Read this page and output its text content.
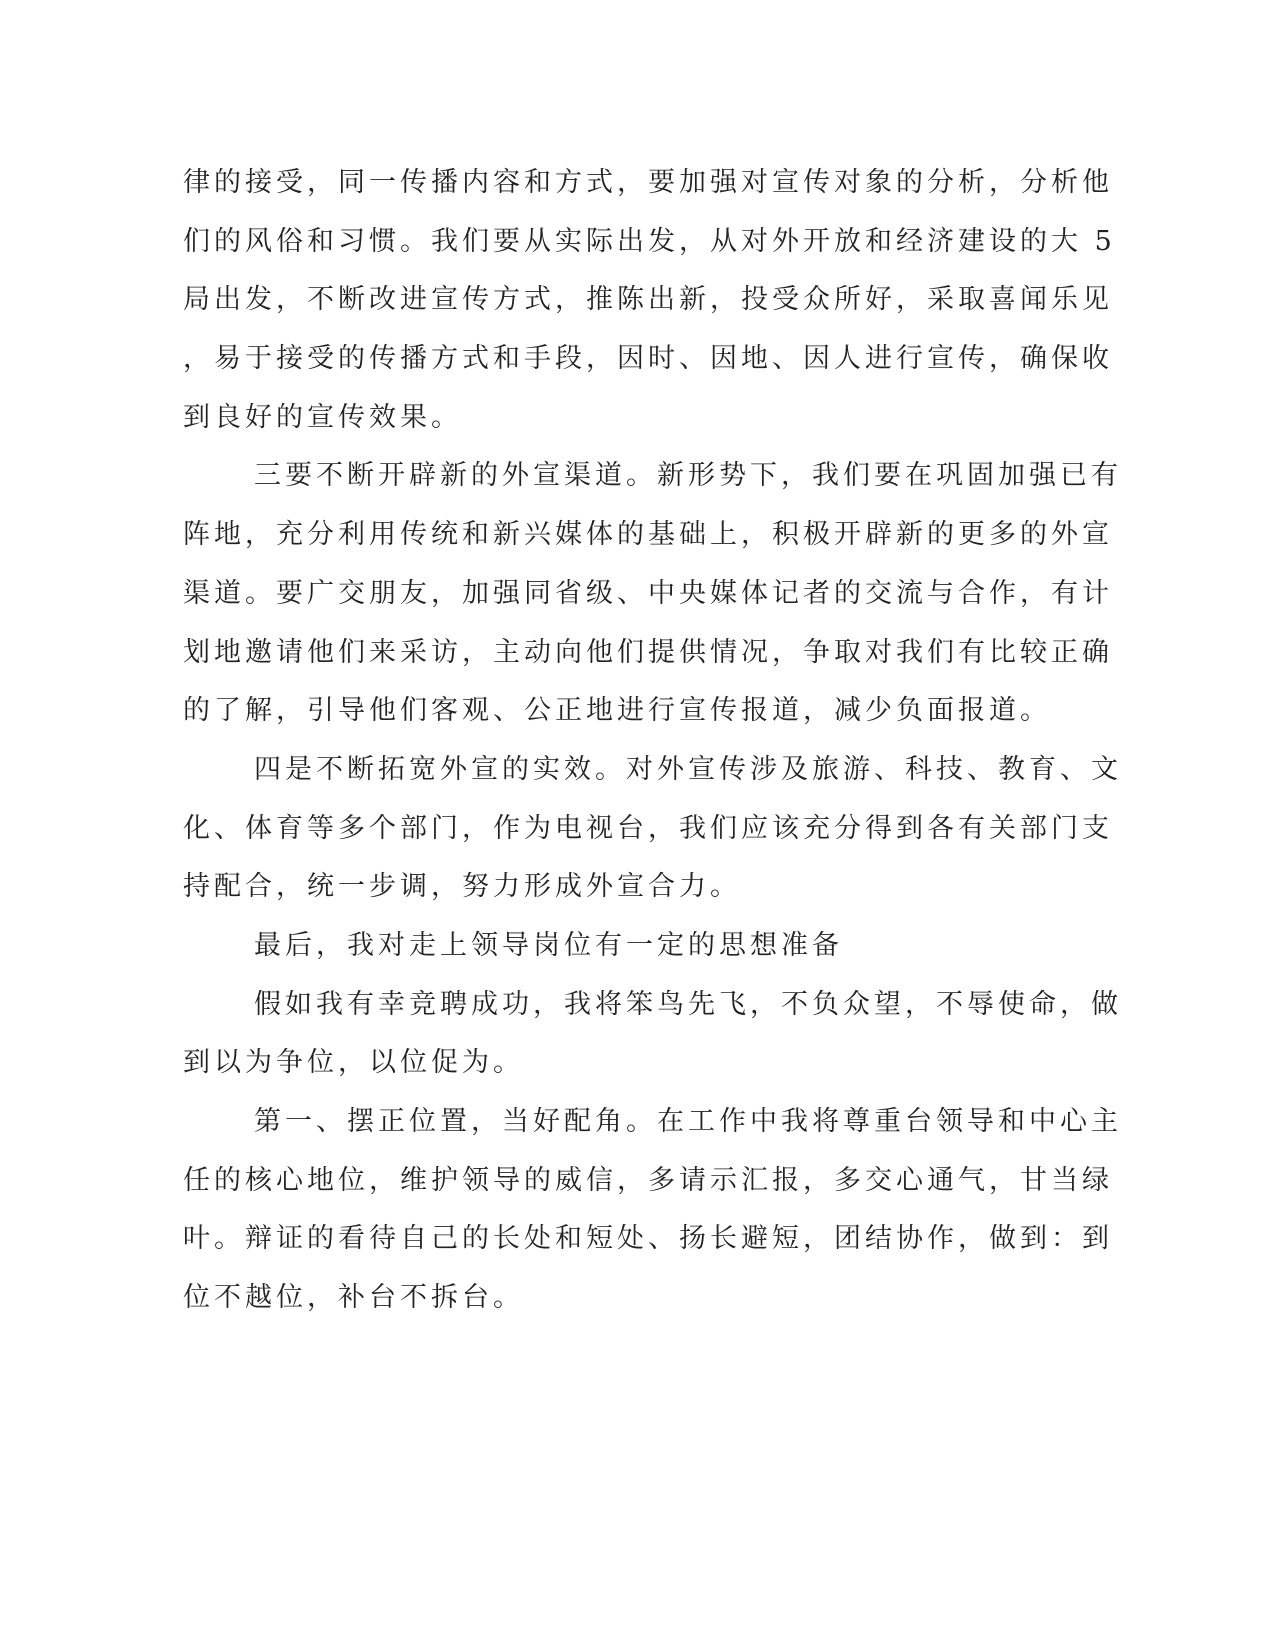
律的接受，同一传播内容和方式，要加强对宣传对象的分析，分析他
们的风俗和习惯。我们要从实际出发，从对外开放和经济建设的大 5
局出发，不断改进宣传方式，推陈出新，投受众所好，采取喜闻乐见
，易于接受的传播方式和手段，因时、因地、因人进行宣传，确保收
到良好的宣传效果。
三要不断开辟新的外宣渠道。新形势下，我们要在巩固加强已有
阵地，充分利用传统和新兴媒体的基础上，积极开辟新的更多的外宣
渠道。要广交朋友，加强同省级、中央媒体记者的交流与合作，有计
划地邀请他们来采访，主动向他们提供情况，争取对我们有比较正确
的了解，引导他们客观、公正地进行宣传报道，减少负面报道。
四是不断拓宽外宣的实效。对外宣传涉及旅游、科技、教育、文
化、体育等多个部门，作为电视台，我们应该充分得到各有关部门支
持配合，统一步调，努力形成外宣合力。
最后，我对走上领导岗位有一定的思想准备
假如我有幸竞聘成功，我将笨鸟先飞，不负众望，不辱使命，做
到以为争位，以位促为。
第一、摆正位置，当好配角。在工作中我将尊重台领导和中心主
任的核心地位，维护领导的威信，多请示汇报，多交心通气，甘当绿
叶。辩证的看待自己的长处和短处、扬长避短，团结协作，做到：到
位不越位，补台不拆台。
